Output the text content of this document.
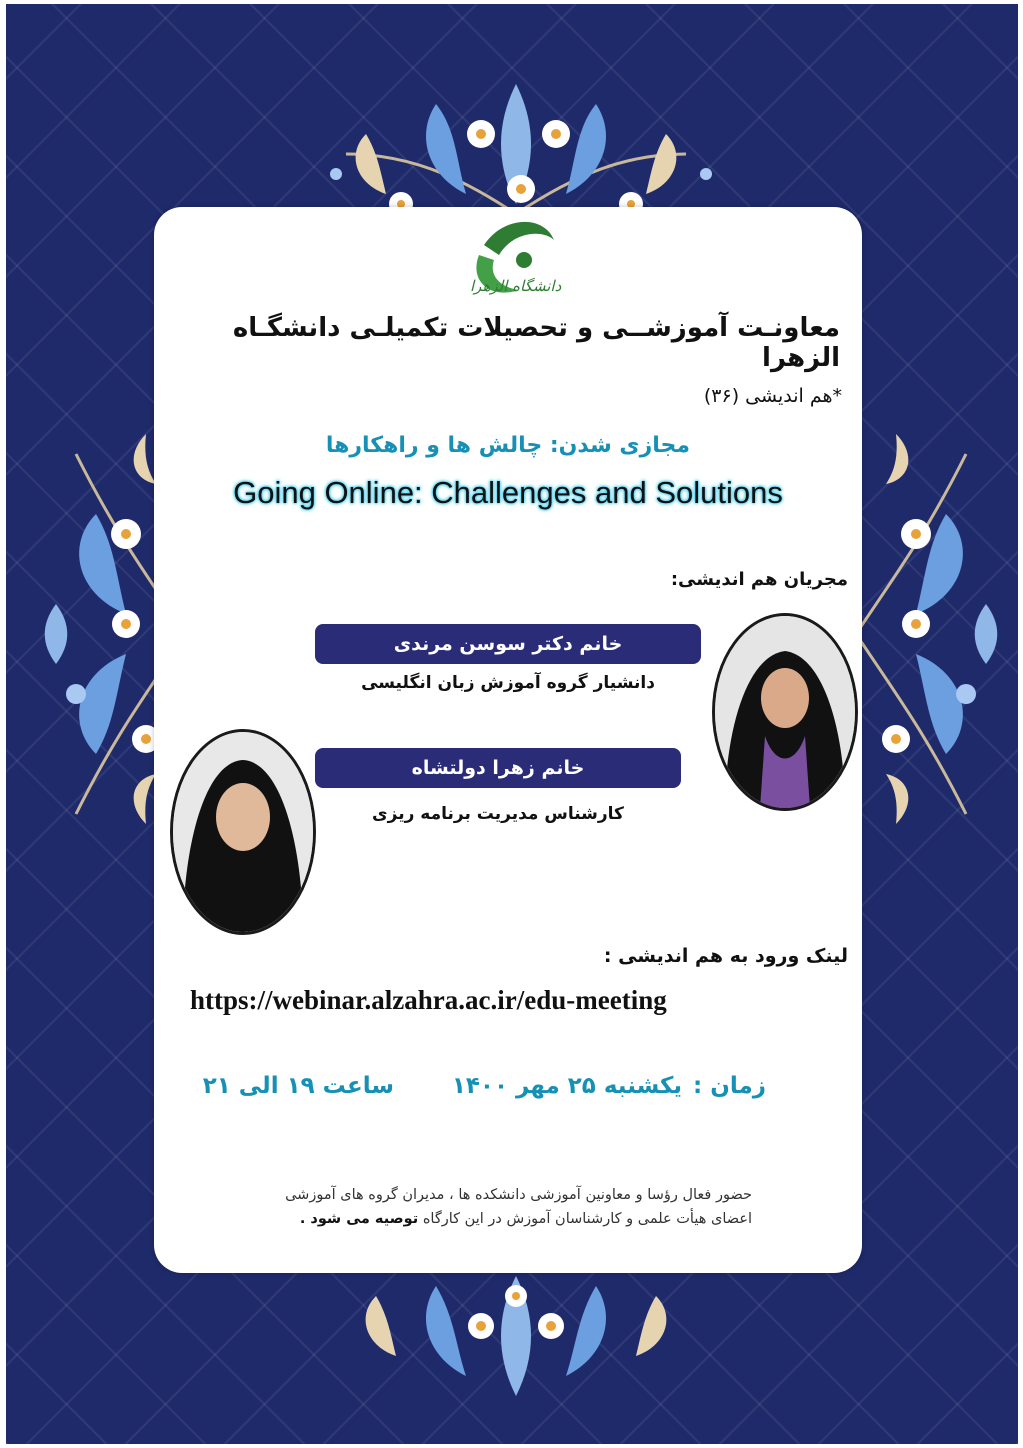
دانشگاه الزهرا
معاونـت آموزشــی و تحصیلات تکمیلـی دانشگـاه الزهرا
*هم اندیشی (۳۶)
مجازی شدن: چالش ها و راهکارها
Going Online: Challenges and Solutions
مجریان هم اندیشی:
خانم دکتر سوسن مرندی
دانشیار گروه آموزش زبان انگلیسی
خانم زهرا دولتشاه
کارشناس مدیریت برنامه ریزی
لینک ورود به هم اندیشی :
https://webinar.alzahra.ac.ir/edu-meeting
زمان :
یکشنبه ۲۵ مهر ۱۴۰۰
ساعت ۱۹ الی ۲۱
حضور فعال رؤسا و معاونین آموزشی دانشکده ها ، مدیران گروه های آموزشی
اعضای هیأت علمی و کارشناسان آموزش در این کارگاه توصیه می شود .
